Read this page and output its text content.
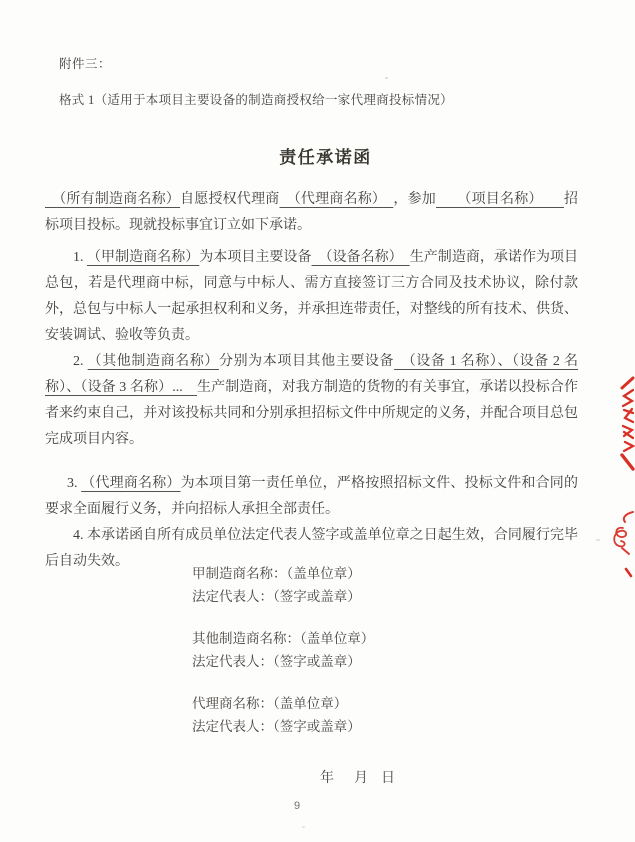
附件三：
格式 1（适用于本项目主要设备的制造商授权给一家代理商投标情况）
责任承诺函

　（所有制造商名称）自愿授权代理商　（代理商名称）　，参加　　（项目名称）　　招标项目投标。现就投标事宜订立如下承诺。

1. （甲制造商名称）为本项目主要设备　（设备名称）　生产制造商，承诺作为项目总包，若是代理商中标，同意与中标人、需方直接签订三方合同及技术协议，除付款外，总包与中标人一起承担权利和义务，并承担连带责任，对整线的所有技术、供货、安装调试、验收等负责。

2. （其他制造商名称）分别为本项目其他主要设备　（设备 1 名称）、（设备 2 名称）、（设备 3 名称）...　生产制造商，对我方制造的货物的有关事宜，承诺以投标合作者来约束自己，并对该投标共同和分别承担招标文件中所规定的义务，并配合项目总包完成项目内容。

3. （代理商名称）为本项目第一责任单位，严格按照招标文件、投标文件和合同的要求全面履行义务，并向招标人承担全部责任。

4. 本承诺函自所有成员单位法定代表人签字或盖单位章之日起生效，合同履行完毕后自动失效。

甲制造商名称：（盖单位章）
法定代表人：（签字或盖章）
其他制造商名称：（盖单位章）
法定代表人：（签字或盖章）
代理商名称：（盖单位章）
法定代表人：（签字或盖章）
年 月 日
9
